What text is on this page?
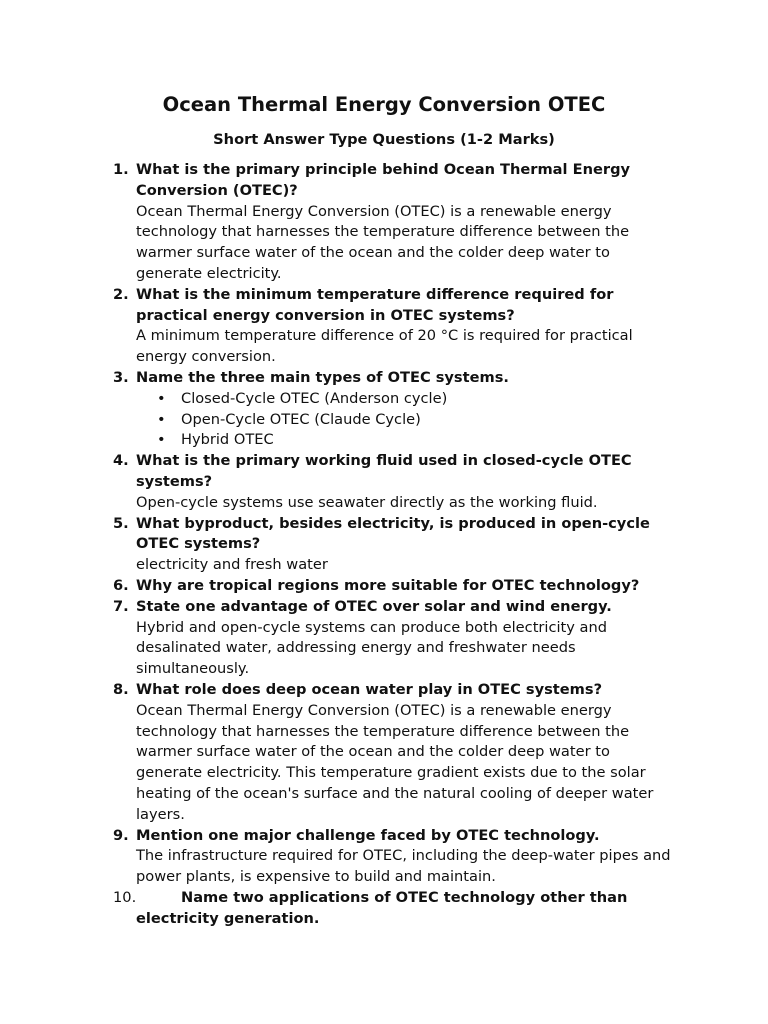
Ocean Thermal Energy Conversion OTEC
Short Answer Type Questions (1-2 Marks)
1. What is the primary principle behind Ocean Thermal Energy Conversion (OTEC)?
Ocean Thermal Energy Conversion (OTEC) is a renewable energy technology that harnesses the temperature difference between the warmer surface water of the ocean and the colder deep water to generate electricity.
2. What is the minimum temperature difference required for practical energy conversion in OTEC systems?
A minimum temperature difference of 20 °C is required for practical energy conversion.
3. Name the three main types of OTEC systems.
• Closed-Cycle OTEC (Anderson cycle)
• Open-Cycle OTEC (Claude Cycle)
• Hybrid OTEC
4. What is the primary working fluid used in closed-cycle OTEC systems?
Open-cycle systems use seawater directly as the working fluid.
5. What byproduct, besides electricity, is produced in open-cycle OTEC systems?
electricity and fresh water
6. Why are tropical regions more suitable for OTEC technology?
7. State one advantage of OTEC over solar and wind energy.
Hybrid and open-cycle systems can produce both electricity and desalinated water, addressing energy and freshwater needs simultaneously.
8. What role does deep ocean water play in OTEC systems?
Ocean Thermal Energy Conversion (OTEC) is a renewable energy technology that harnesses the temperature difference between the warmer surface water of the ocean and the colder deep water to generate electricity. This temperature gradient exists due to the solar heating of the ocean's surface and the natural cooling of deeper water layers.
9. Mention one major challenge faced by OTEC technology.
The infrastructure required for OTEC, including the deep-water pipes and power plants, is expensive to build and maintain.
10.	Name two applications of OTEC technology other than electricity generation.
